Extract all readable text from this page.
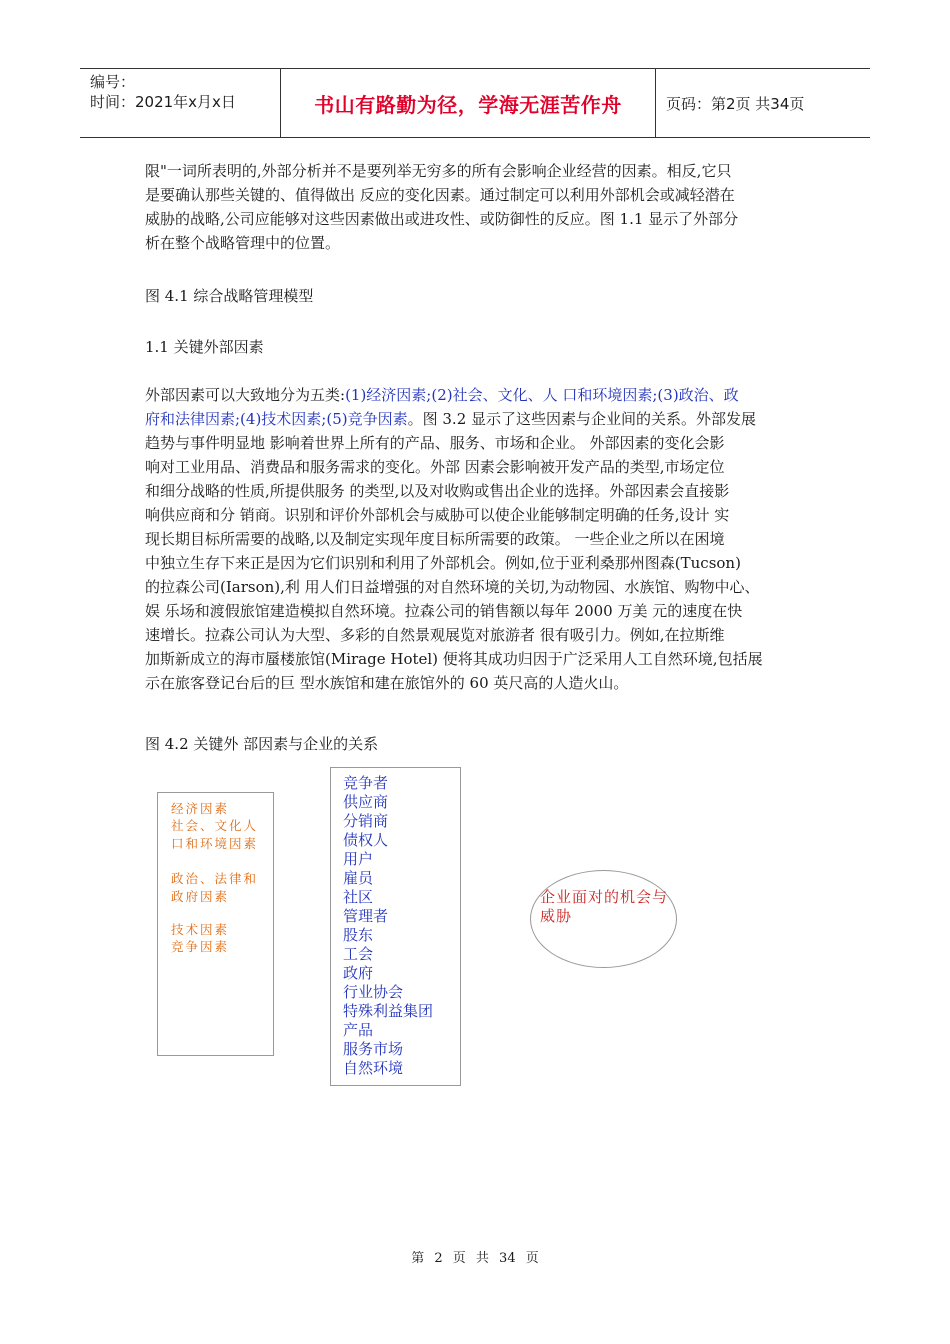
编号：
时间：2021年x月x日	书山有路勤为径，学海无涯苦作舟	页码：第2页 共34页
限"一词所表明的,外部分析并不是要列举无穷多的所有会影响企业经营的因素。相反,它只
是要确认那些关键的、值得做出 反应的变化因素。通过制定可以利用外部机会或减轻潜在
威胁的战略,公司应能够对这些因素做出或进攻性、或防御性的反应。图 1.1 显示了外部分
析在整个战略管理中的位置。
图 4.1 综合战略管理模型
1.1 关键外部因素
外部因素可以大致地分为五类:(1)经济因素;(2)社会、文化、人 口和环境因素;(3)政治、政
府和法律因素;(4)技术因素;(5)竞争因素。图 3.2 显示了这些因素与企业间的关系。外部发展
趋势与事件明显地 影响着世界上所有的产品、服务、市场和企业。 外部因素的变化会影
响对工业用品、消费品和服务需求的变化。外部 因素会影响被开发产品的类型,市场定位
和细分战略的性质,所提供服务 的类型,以及对收购或售出企业的选择。外部因素会直接影
响供应商和分 销商。识别和评价外部机会与威胁可以使企业能够制定明确的任务,设计 实
现长期目标所需要的战略,以及制定实现年度目标所需要的政策。 一些企业之所以在困境
中独立生存下来正是因为它们识别和利用了外部机会。例如,位于亚利桑那州图森(Tucson)
的拉森公司(Iarson),利 用人们日益增强的对自然环境的关切,为动物园、水族馆、购物中心、
娱 乐场和渡假旅馆建造模拟自然环境。拉森公司的销售额以每年 2000 万美 元的速度在快
速增长。拉森公司认为大型、多彩的自然景观展览对旅游者 很有吸引力。例如,在拉斯维
加斯新成立的海市蜃楼旅馆(Mirage Hotel) 便将其成功归因于广泛采用人工自然环境,包括展
示在旅客登记台后的巨 型水族馆和建在旅馆外的 60 英尺高的人造火山。
图 4.2 关键外 部因素与企业的关系
经济因素
社会、文化人口和环境因素
政治、法律和政府因素
技术因素
竞争因素
竞争者
供应商
分销商
债权人
用户
雇员
社区
管理者
股东
工会
政府
行业协会
特殊利益集团
产品
服务市场
自然环境
企业面对的机会与威胁
第 2 页 共 34 页
